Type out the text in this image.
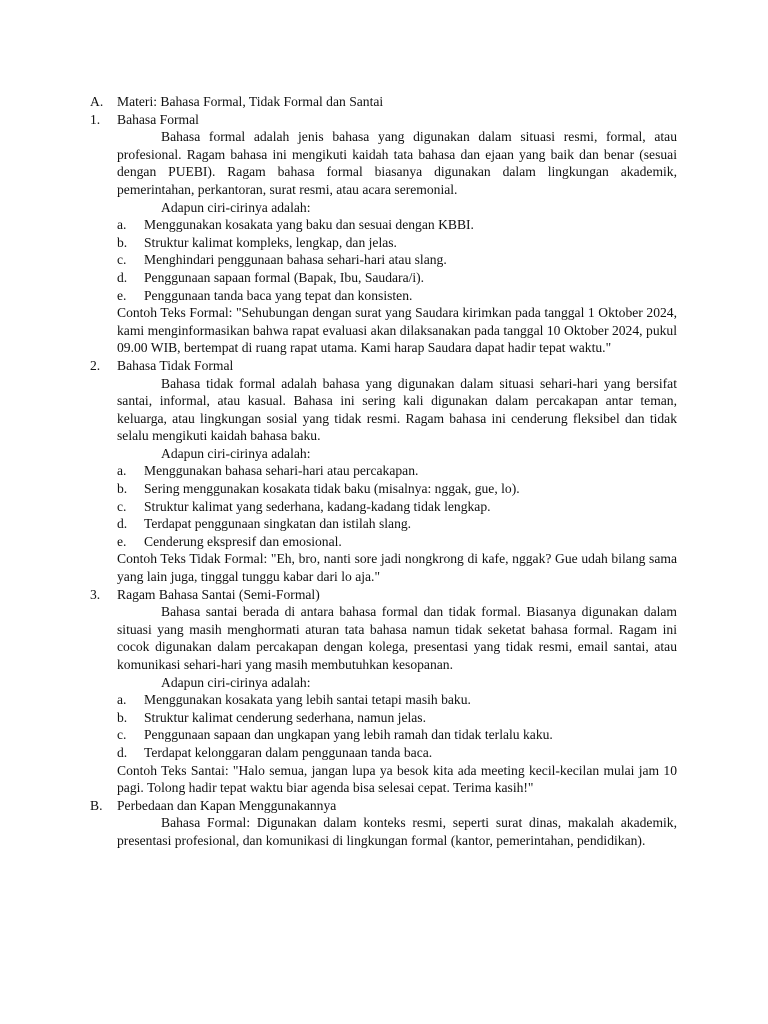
A. Materi: Bahasa Formal, Tidak Formal dan Santai
1. Bahasa Formal
Bahasa formal adalah jenis bahasa yang digunakan dalam situasi resmi, formal, atau profesional. Ragam bahasa ini mengikuti kaidah tata bahasa dan ejaan yang baik dan benar (sesuai dengan PUEBI). Ragam bahasa formal biasanya digunakan dalam lingkungan akademik, pemerintahan, perkantoran, surat resmi, atau acara seremonial.
Adapun ciri-cirinya adalah:
a. Menggunakan kosakata yang baku dan sesuai dengan KBBI.
b. Struktur kalimat kompleks, lengkap, dan jelas.
c. Menghindari penggunaan bahasa sehari-hari atau slang.
d. Penggunaan sapaan formal (Bapak, Ibu, Saudara/i).
e. Penggunaan tanda baca yang tepat dan konsisten.
Contoh Teks Formal: "Sehubungan dengan surat yang Saudara kirimkan pada tanggal 1 Oktober 2024, kami menginformasikan bahwa rapat evaluasi akan dilaksanakan pada tanggal 10 Oktober 2024, pukul 09.00 WIB, bertempat di ruang rapat utama. Kami harap Saudara dapat hadir tepat waktu."
2. Bahasa Tidak Formal
Bahasa tidak formal adalah bahasa yang digunakan dalam situasi sehari-hari yang bersifat santai, informal, atau kasual. Bahasa ini sering kali digunakan dalam percakapan antar teman, keluarga, atau lingkungan sosial yang tidak resmi. Ragam bahasa ini cenderung fleksibel dan tidak selalu mengikuti kaidah bahasa baku.
Adapun ciri-cirinya adalah:
a. Menggunakan bahasa sehari-hari atau percakapan.
b. Sering menggunakan kosakata tidak baku (misalnya: nggak, gue, lo).
c. Struktur kalimat yang sederhana, kadang-kadang tidak lengkap.
d. Terdapat penggunaan singkatan dan istilah slang.
e. Cenderung ekspresif dan emosional.
Contoh Teks Tidak Formal: "Eh, bro, nanti sore jadi nongkrong di kafe, nggak? Gue udah bilang sama yang lain juga, tinggal tunggu kabar dari lo aja."
3. Ragam Bahasa Santai (Semi-Formal)
Bahasa santai berada di antara bahasa formal dan tidak formal. Biasanya digunakan dalam situasi yang masih menghormati aturan tata bahasa namun tidak seketat bahasa formal. Ragam ini cocok digunakan dalam percakapan dengan kolega, presentasi yang tidak resmi, email santai, atau komunikasi sehari-hari yang masih membutuhkan kesopanan.
Adapun ciri-cirinya adalah:
a. Menggunakan kosakata yang lebih santai tetapi masih baku.
b. Struktur kalimat cenderung sederhana, namun jelas.
c. Penggunaan sapaan dan ungkapan yang lebih ramah dan tidak terlalu kaku.
d. Terdapat kelonggaran dalam penggunaan tanda baca.
Contoh Teks Santai: "Halo semua, jangan lupa ya besok kita ada meeting kecil-kecilan mulai jam 10 pagi. Tolong hadir tepat waktu biar agenda bisa selesai cepat. Terima kasih!"
B. Perbedaan dan Kapan Menggunakannya
Bahasa Formal: Digunakan dalam konteks resmi, seperti surat dinas, makalah akademik, presentasi profesional, dan komunikasi di lingkungan formal (kantor, pemerintahan, pendidikan).
